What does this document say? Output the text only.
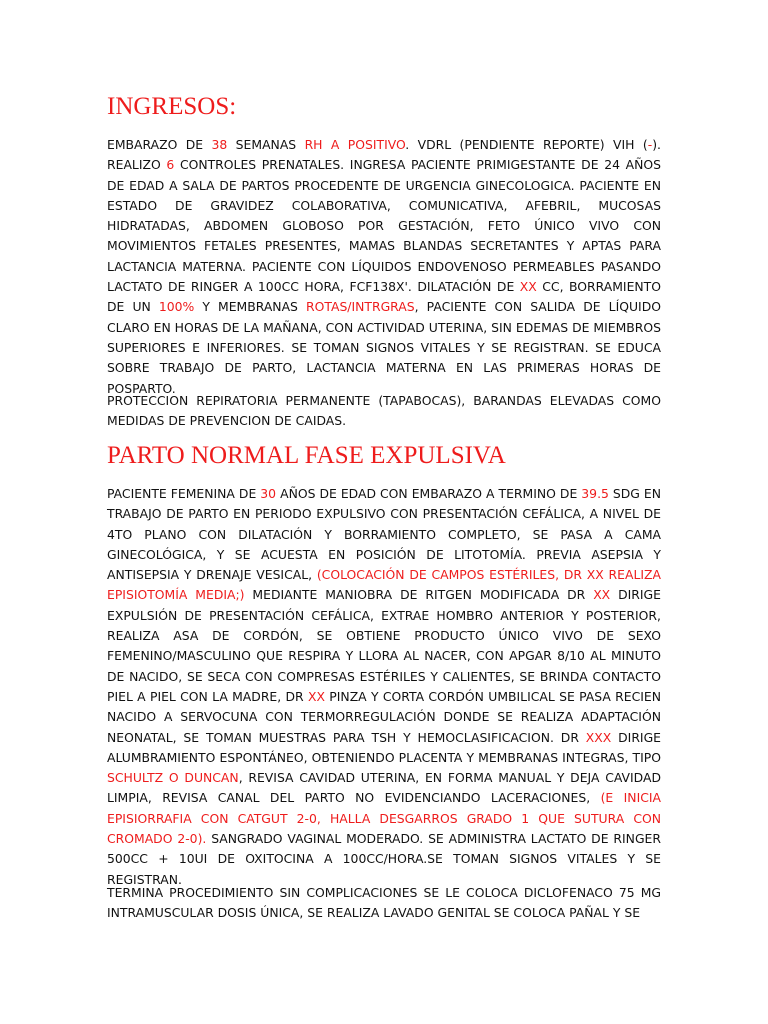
INGRESOS:

EMBARAZO DE 38 SEMANAS RH A POSITIVO. VDRL (PENDIENTE REPORTE) VIH (-). REALIZO 6 CONTROLES PRENATALES. INGRESA PACIENTE PRIMIGESTANTE DE 24 AÑOS DE EDAD A SALA DE PARTOS PROCEDENTE DE URGENCIA GINECOLOGICA. PACIENTE EN ESTADO DE GRAVIDEZ COLABORATIVA, COMUNICATIVA, AFEBRIL, MUCOSAS HIDRATADAS, ABDOMEN GLOBOSO POR GESTACIÓN, FETO ÚNICO VIVO CON MOVIMIENTOS FETALES PRESENTES, MAMAS BLANDAS SECRETANTES Y APTAS PARA LACTANCIA MATERNA. PACIENTE CON LÍQUIDOS ENDOVENOSO PERMEABLES PASANDO LACTATO DE RINGER A 100CC HORA, FCF138X'. DILATACIÓN DE XX CC, BORRAMIENTO DE UN 100% Y MEMBRANAS ROTAS/INTRGRAS, PACIENTE CON SALIDA DE LÍQUIDO CLARO EN HORAS DE LA MAÑANA, CON ACTIVIDAD UTERINA, SIN EDEMAS DE MIEMBROS SUPERIORES E INFERIORES. SE TOMAN SIGNOS VITALES Y SE REGISTRAN. SE EDUCA SOBRE TRABAJO DE PARTO, LACTANCIA MATERNA EN LAS PRIMERAS HORAS DE POSPARTO.

PROTECCION REPIRATORIA PERMANENTE (TAPABOCAS), BARANDAS ELEVADAS COMO MEDIDAS DE PREVENCION DE CAIDAS.

PARTO NORMAL FASE EXPULSIVA

PACIENTE FEMENINA DE 30 AÑOS DE EDAD CON EMBARAZO A TERMINO DE 39.5 SDG EN TRABAJO DE PARTO EN PERIODO EXPULSIVO CON PRESENTACIÓN CEFÁLICA, A NIVEL DE 4TO PLANO CON DILATACIÓN Y BORRAMIENTO COMPLETO, SE PASA A CAMA GINECOLÓGICA, Y SE ACUESTA EN POSICIÓN DE LITOTOMÍA. PREVIA ASEPSIA Y ANTISEPSIA Y DRENAJE VESICAL, (COLOCACIÓN DE CAMPOS ESTÉRILES, DR XX REALIZA EPISIOTOMÍA MEDIA;) MEDIANTE MANIOBRA DE RITGEN MODIFICADA DR XX DIRIGE EXPULSIÓN DE PRESENTACIÓN CEFÁLICA, EXTRAE HOMBRO ANTERIOR Y POSTERIOR, REALIZA ASA DE CORDÓN, SE OBTIENE PRODUCTO ÚNICO VIVO DE SEXO FEMENINO/MASCULINO QUE RESPIRA Y LLORA AL NACER, CON APGAR 8/10 AL MINUTO DE NACIDO, SE SECA CON COMPRESAS ESTÉRILES Y CALIENTES, SE BRINDA CONTACTO PIEL A PIEL CON LA MADRE, DR XX PINZA Y CORTA CORDÓN UMBILICAL SE PASA RECIEN NACIDO A SERVOCUNA CON TERMORREGULACIÓN DONDE SE REALIZA ADAPTACIÓN NEONATAL, SE TOMAN MUESTRAS PARA TSH Y HEMOCLASIFICACION. DR XXX DIRIGE ALUMBRAMIENTO ESPONTÁNEO, OBTENIENDO PLACENTA Y MEMBRANAS INTEGRAS, TIPO SCHULTZ O DUNCAN, REVISA CAVIDAD UTERINA, EN FORMA MANUAL Y DEJA CAVIDAD LIMPIA, REVISA CANAL DEL PARTO NO EVIDENCIANDO LACERACIONES, (E INICIA EPISIORRAFIA CON CATGUT 2-0, HALLA DESGARROS GRADO 1 QUE SUTURA CON CROMADO 2-0). SANGRADO VAGINAL MODERADO. SE ADMINISTRA LACTATO DE RINGER 500CC + 10UI DE OXITOCINA A 100CC/HORA.SE TOMAN SIGNOS VITALES Y SE REGISTRAN.

TERMINA PROCEDIMIENTO SIN COMPLICACIONES SE LE COLOCA DICLOFENACO 75 MG INTRAMUSCULAR DOSIS ÚNICA, SE REALIZA LAVADO GENITAL SE COLOCA PAÑAL Y SE
